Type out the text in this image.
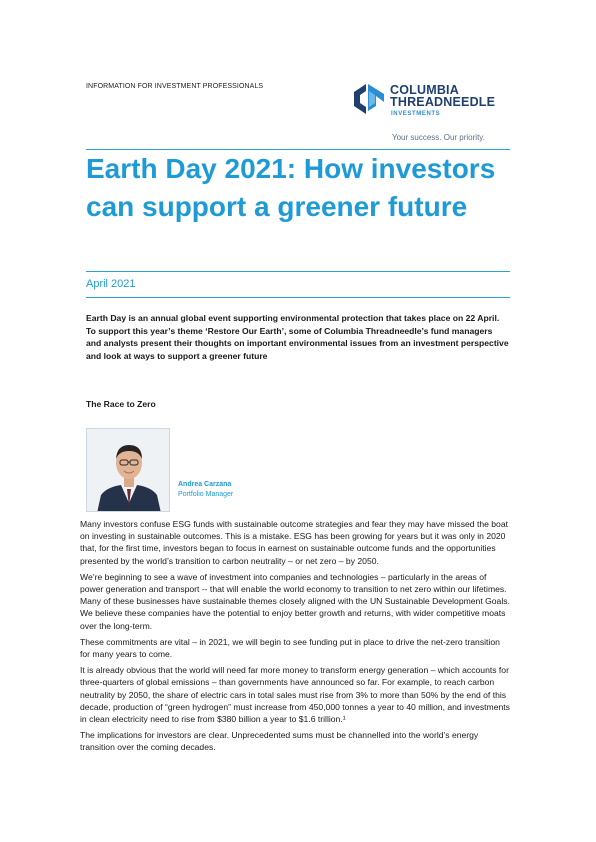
INFORMATION FOR INVESTMENT PROFESSIONALS	COLUMBIA
THREADNEEDLE
INVESTMENTS
Your success. Our priority.
Earth Day 2021: How investors can support a greener future
April 2021

Earth Day is an annual global event supporting environmental protection that takes place on 22 April. To support this year’s theme ‘Restore Our Earth’, some of Columbia Threadneedle’s fund managers and analysts present their thoughts on important environmental issues from an investment perspective and look at ways to support a greener future

The Race to Zero
Andrea Carzana
Portfolio Manager

Many investors confuse ESG funds with sustainable outcome strategies and fear they may have missed the boat on investing in sustainable outcomes. This is a mistake. ESG has been growing for years but it was only in 2020 that, for the first time, investors began to focus in earnest on sustainable outcome funds and the opportunities presented by the world’s transition to carbon neutrality – or net zero – by 2050.

We’re beginning to see a wave of investment into companies and technologies – particularly in the areas of power generation and transport -- that will enable the world economy to transition to net zero within our lifetimes. Many of these businesses have sustainable themes closely aligned with the UN Sustainable Development Goals. We believe these companies have the potential to enjoy better growth and returns, with wider competitive moats over the long-term.

These commitments are vital – in 2021, we will begin to see funding put in place to drive the net-zero transition for many years to come.

It is already obvious that the world will need far more money to transform energy generation – which accounts for three-quarters of global emissions – than governments have announced so far. For example, to reach carbon neutrality by 2050, the share of electric cars in total sales must rise from 3% to more than 50% by the end of this decade, production of “green hydrogen” must increase from 450,000 tonnes a year to 40 million, and investments in clean electricity need to rise from $380 billion a year to $1.6 trillion.¹

The implications for investors are clear. Unprecedented sums must be channelled into the world’s energy transition over the coming decades.
